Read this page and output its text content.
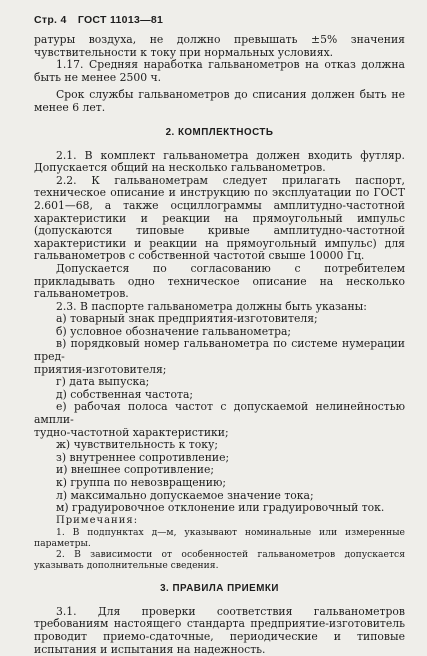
Стр. 4 ГОСТ 11013—81

ратуры воздуха, не должно превышать ±5% значения чувствительности к току при нормальных условиях.

1.17. Средняя наработка гальванометров на отказ должна быть не менее 2500 ч.

Срок службы гальванометров до списания должен быть не менее 6 лет.

2. КОМПЛЕКТНОСТЬ

2.1. В комплект гальванометра должен входить футляр. Допускается общий на несколько гальванометров.

2.2. К гальванометрам следует прилагать паспорт, техническое описание и инструкцию по эксплуатации по ГОСТ 2.601—68, а также осциллограммы амплитудно-частотной характеристики и реакции на прямоугольный импульс (допускаются типовые кривые амплитудно-частотной характеристики и реакции на прямоугольный импульс) для гальванометров с собственной частотой свыше 10000 Гц.

Допускается по согласованию с потребителем прикладывать одно техническое описание на несколько гальванометров.

2.3. В паспорте гальванометра должны быть указаны:

а) товарный знак предприятия-изготовителя;
б) условное обозначение гальванометра;
в) порядковый номер гальванометра по системе нумерации пред-
приятия-изготовителя;
г) дата выпуска;
д) собственная частота;
е) рабочая полоса частот с допускаемой нелинейностью ампли-
тудно-частотной характеристики;
ж) чувствительность к току;
з) внутреннее сопротивление;
и) внешнее сопротивление;
к) группа по невозвращению;
л) максимально допускаемое значение тока;
м) градуировочное отклонение или градуировочный ток.
Примечания:

1. В подпунктах д—м, указывают номинальные или измеренные параметры.

2. В зависимости от особенностей гальванометров допускается указывать дополнительные сведения.

3. ПРАВИЛА ПРИЕМКИ

3.1. Для проверки соответствия гальванометров требованиям настоящего стандарта предприятие-изготовитель проводит приемо-сдаточные, периодические и типовые испытания и испытания на надежность.
